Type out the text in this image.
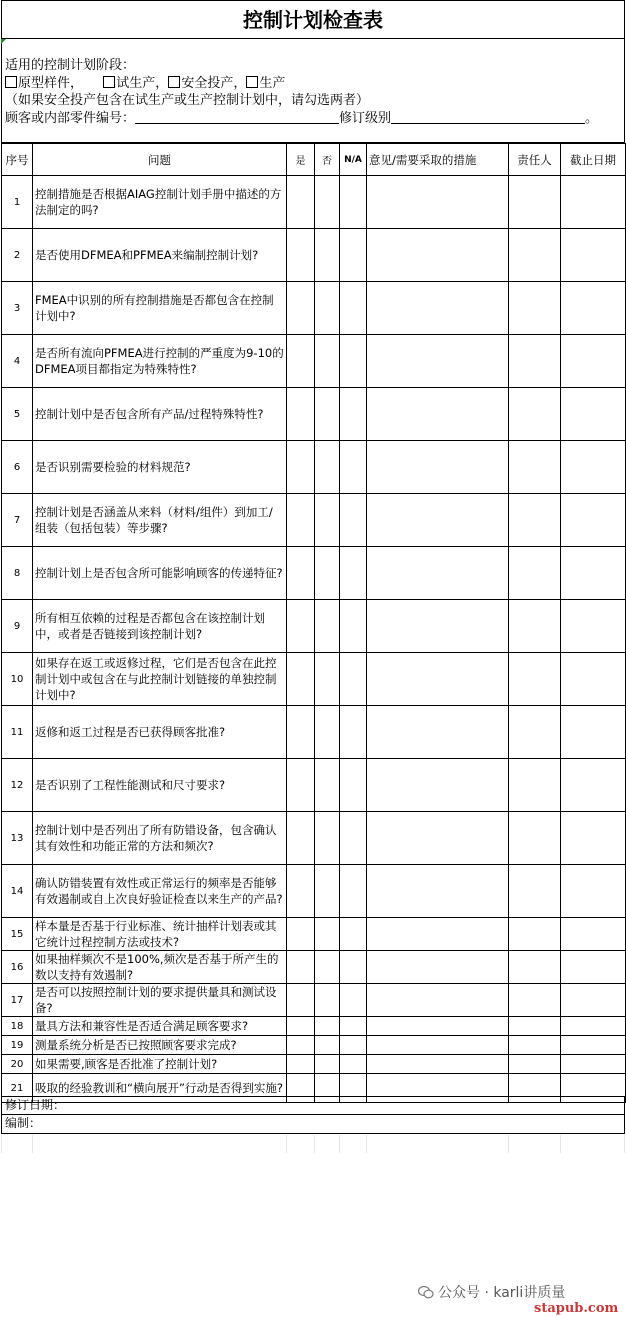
控制计划检查表
适用的控制计划阶段：
原型样件，	试生产， 安全投产， 生产
（如果安全投产包含在试生产或生产控制计划中，请勾选两者）
顾客或内部零件编号：	修订级别	。
序号	问题	是	否	N/A	意见/需要采取的措施	责任人	截止日期
1	控制措施是否根据AIAG控制计划手册中描述的方法制定的吗?						
2	是否使用DFMEA和PFMEA来编制控制计划?						
3	FMEA中识别的所有控制措施是否都包含在控制计划中?						
4	是否所有流向PFMEA进行控制的严重度为9-10的DFMEA项目都指定为特殊特性?						
5	控制计划中是否包含所有产品/过程特殊特性?						
6	是否识别需要检验的材料规范?						
7	控制计划是否涵盖从来料（材料/组件）到加工/组装（包括包装）等步骤?						
8	控制计划上是否包含所可能影响顾客的传递特征?						
9	所有相互依赖的过程是否都包含在该控制计划中，或者是否链接到该控制计划?						
10	如果存在返工或返修过程，它们是否包含在此控制计划中或包含在与此控制计划链接的单独控制计划中?						
11	返修和返工过程是否已获得顾客批准?						
12	是否识别了工程性能测试和尺寸要求?						
13	控制计划中是否列出了所有防错设备，包含确认其有效性和功能正常的方法和频次?						
14	确认防错装置有效性或正常运行的频率是否能够有效遏制或自上次良好验证检查以来生产的产品?						
15	样本量是否基于行业标准、统计抽样计划表或其它统计过程控制方法或技术?						
16	如果抽样频次不是100%,频次是否基于所产生的数以支持有效遏制?						
17	是否可以按照控制计划的要求提供量具和测试设备?						
18	量具方法和兼容性是否适合满足顾客要求?						
19	测量系统分析是否已按照顾客要求完成?						
20	如果需要,顾客是否批准了控制计划?						
21	吸取的经验教训和“横向展开”行动是否得到实施?						
修订日期：
编制：
公众号 · karli讲质量
stapub.com
